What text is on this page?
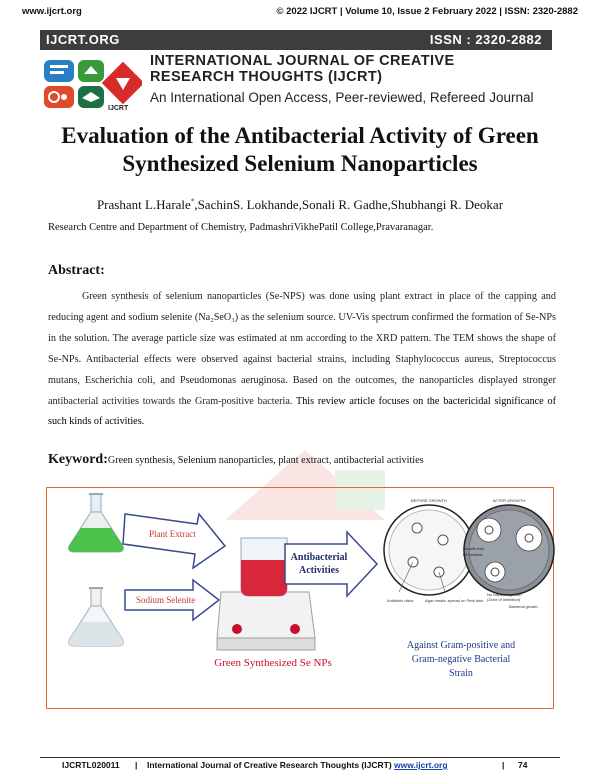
www.ijcrt.org	© 2022 IJCRT | Volume 10, Issue 2 February 2022 | ISSN: 2320-2882
IJCRT.ORG	ISSN : 2320-2882
IJCRT
INTERNATIONAL JOURNAL OF CREATIVE
RESEARCH THOUGHTS (IJCRT)
An International Open Access, Peer-reviewed, Refereed Journal
Evaluation of the Antibacterial Activity of Green
Synthesized Selenium Nanoparticles
Prashant L.Harale*,SachinS. Lokhande,Sonali R. Gadhe,Shubhangi R. Deokar
Research Centre and Department of Chemistry, PadmashriVikhePatil College,Pravaranagar.
Abstract:
Green synthesis of selenium nanoparticles (Se-NPS) was done using plant extract in place of the capping and reducing agent and sodium selenite (Na₂SeO₃) as the selenium source. UV-Vis spectrum confirmed the formation of Se-NPs in the solution. The average particle size was estimated at nm according to the XRD pattern. The TEM shows the shape of Se-NPs. Antibacterial effects were observed against bacterial strains, including Staphylococcus aureus, Streptococcus mutans, Escherichia coli, and Pseudomonas aeruginosa. Based on the outcomes, the nanoparticles displayed stronger antibacterial activities towards the Gram-positive bacteria. This review article focuses on the bactericidal significance of such kinds of activities.
Keyword:Green synthesis, Selenium nanoparticles, plant extract, antibacterial activities
Plant Extract
Sodium Selenite
Antibacterial
Activities
BEFORE GROWTH
Antibiotic disks	Agar media, spread on Petri dish
AFTER GROWTH
Growth free
Of bacteria
No bacterial growth
(Zone of inhibition)
Bacterial growth
Green Synthesized Se NPs
Against Gram-positive and
Gram-negative Bacterial
Strain
IJCRTL020011 | International Journal of Creative Research Thoughts (IJCRT) www.ijcrt.org	| 74
